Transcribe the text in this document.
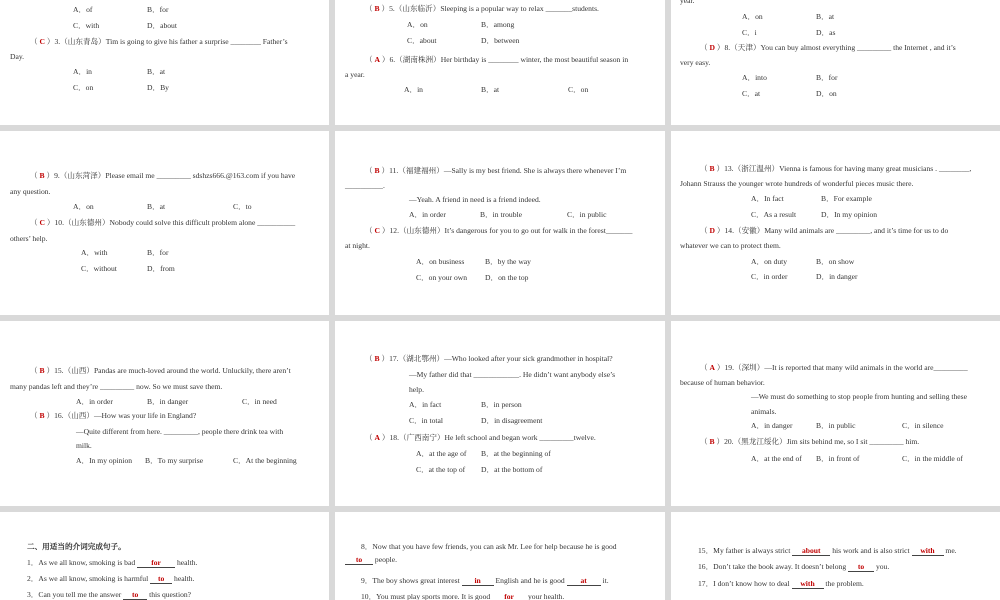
A．of	B．for
C．with	D．about
（ C ）3.（山东青岛）Tim is going to give his father a surprise ________ Father’s
Day.
A．in	B．at
C．on	D．By
（ B ）5.（山东临沂）Sleeping is a popular way to relax _______students.
A．on	B．among
C．about	D．between
（ A ）6.（湖南株洲）Her birthday is ________ winter, the most beautiful season in
a year.
A．in	B．at	C．on
year.
A．on	B．at
C．i	D．as
（ D ）8.（天津）You can buy almost everything _________ the Internet , and it’s
very easy.
A．into	B．for
C．at	D．on
（ B ）9.（山东菏泽）Please email me _________ sdshzs666.@163.com if you have
any question.
A．on	B．at	C．to
（ C ）10.（山东德州）Nobody could solve this difficult problem alone __________
others’ help.
A．with	B．for
C．without	D．from
（ B ）11.（福建福州）—Sally is my best friend. She is always there whenever I’m
__________.
—Yeah. A friend in need is a friend indeed.
A．in order	B．in trouble	C．in public
（ C ）12.（山东德州）It’s dangerous for you to go out for walk in the forest_______
at night.
A．on business	B．by the way
C．on your own D．on the top
（ B ）13.（浙江温州）Vienna is famous for having many great musicians . ________,
Johann Strauss the younger wrote hundreds of wonderful pieces music there.
A．In fact	B．For example
C．As a result	D．In my opinion
（ D ）14.（安徽）Many wild animals are _________, and it’s time for us to do
whatever we can to protect them.
A．on duty	B．on show
C．in order	D．in danger
（ B ）15.（山西）Pandas are much-loved around the world. Unluckily, there aren’t
many pandas left and they’re _________ now. So we must save them.
A．in order	B．in danger	C．in need
（ B ）16.（山西）—How was your life in England?
—Quite different from here. _________, people there drink tea with
milk.
A．In my opinion B．To my surprise	C．At the beginning
（ B ）17.（湖北鄂州）—Who looked after your sick grandmother in hospital?
—My father did that ____________. He didn’t want anybody else’s
help.
A．in fact	B．in person
C．in total	D．in disagreement
（ A ）18.（广西南宁）He left school and began work _________twelve.
A．at the age of B．at the beginning of
C．at the top of D．at the bottom of
（ A ）19.（深圳）—It is reported that many wild animals in the world are_________
because of human behavior.
—We must do something to stop people from hunting and selling these
animals.
A．in danger	B．in public	C．in silence
（ B ）20.（黑龙江绥化）Jim sits behind me, so I sit _________ him.
A．at the end of B．in front of	C．in the middle of
二、用适当的介词完成句子。
1．As we all know, smoking is bad for health.
2．As we all know, smoking is harmful to health.
3．Can you tell me the answer to this question?
8．Now that you have few friends, you can ask Mr. Lee for help because he is good
to people.
9．The boy shows great interest in English and he is good at it.
10．You must play sports more. It is good for your health.
15．My father is always strict about his work and is also strict with me.
16．Don’t take the book away. It doesn’t belong to you.
17．I don’t know how to deal with the problem.
